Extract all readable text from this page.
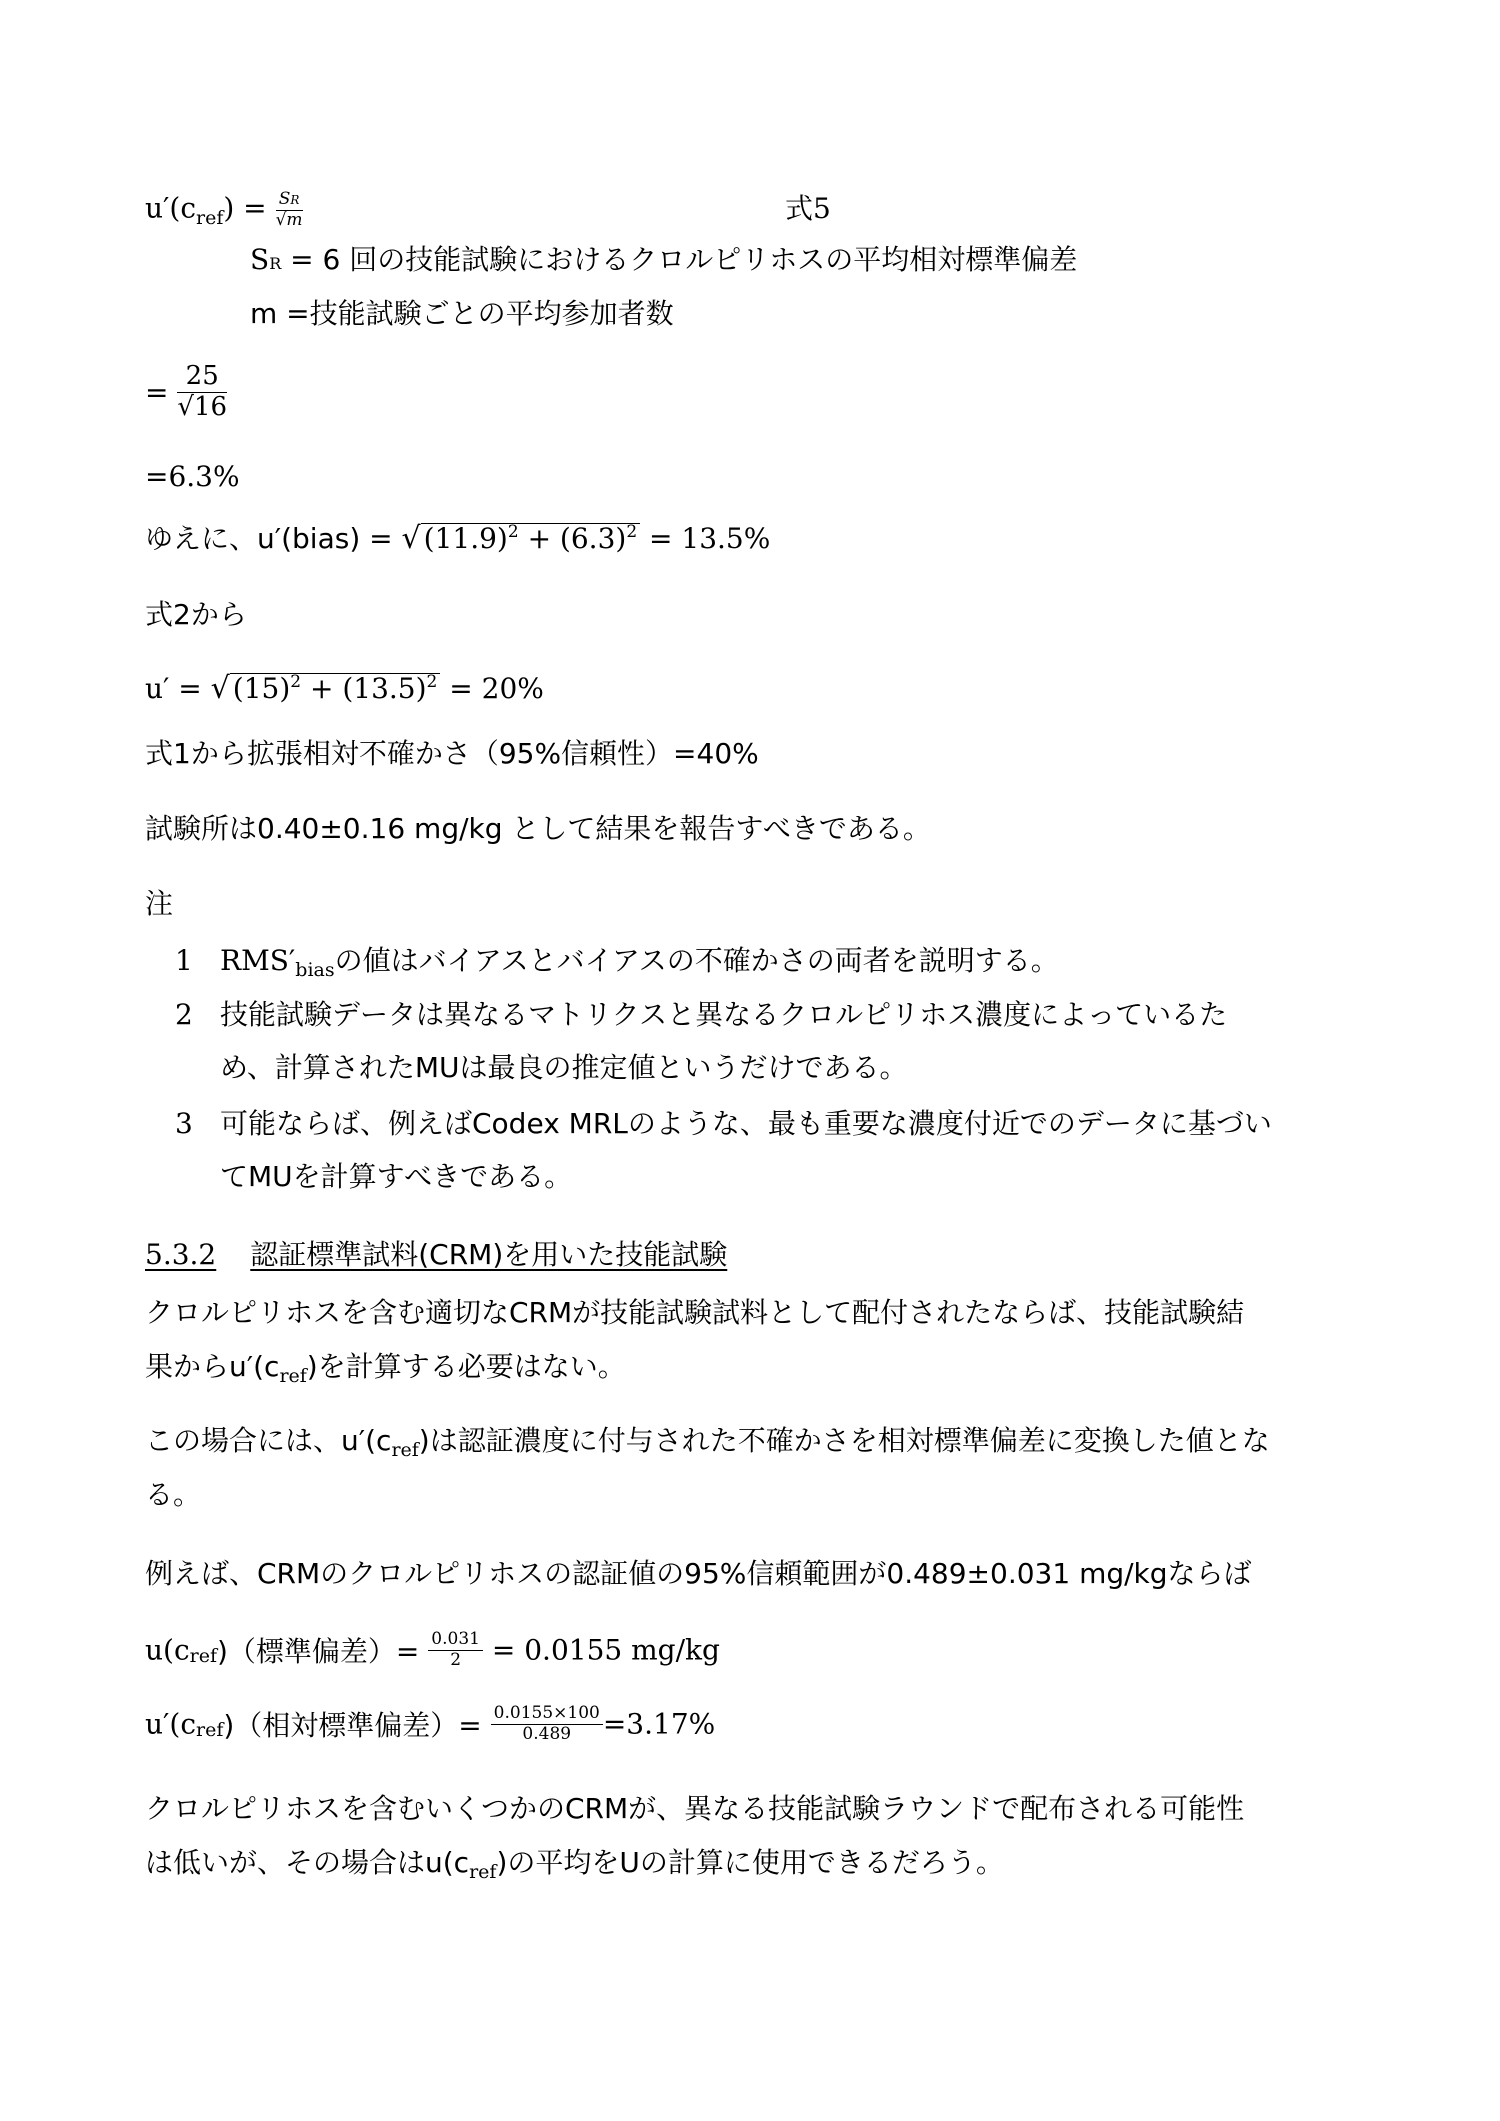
$u'(c_{ref}) = \frac{SR}{√m}$	式5
SR = 6 回の技能試験におけるクロルピリホスの平均相対標準偏差
m =技能試験ごとの平均参加者数
= $\frac{25}{√16}$
=6.3%
ゆえに、u′(bias) = √ $(11.9)^2 + (6.3)^2 = 13.5\%$
式2から
u′ = √ $(15)^2 + (13.5)^2 = 20\%$
式1から拡張相対不確かさ（95%信頼性）=40%
試験所は0.40±0.16 mg/kg として結果を報告すべきである。
注
1 $RMS'_{bias}$の値はバイアスとバイアスの不確かさの両者を説明する。
2 技能試験データは異なるマトリクスと異なるクロルピリホス濃度によっているた
め、計算されたMUは最良の推定値というだけである。
3 可能ならば、例えばCodex MRLのような、最も重要な濃度付近でのデータに基づい
てMUを計算すべきである。
5.3.2 認証標準試料(CRM)を用いた技能試験
クロルピリホスを含む適切なCRMが技能試験試料として配付されたならば、技能試験結
果から$u'(c_{ref})$を計算する必要はない。
この場合には、$u'(c_{ref})$は認証濃度に付与された不確かさを相対標準偏差に変換した値とな
る。
例えば、CRMのクロルピリホスの認証値の95%信頼範囲が0.489±0.031 mg/kgならば
$u(c_{ref})$（標準偏差）= $\frac{0.031}{2} = 0.0155$ mg/kg
$u'(c_{ref})$（相対標準偏差）= $\frac{0.0155\times 100}{0.489} =3.17\%$
クロルピリホスを含むいくつかのCRMが、異なる技能試験ラウンドで配布される可能性
は低いが、その場合は$u(c_{ref})$の平均をUの計算に使用できるだろう。
